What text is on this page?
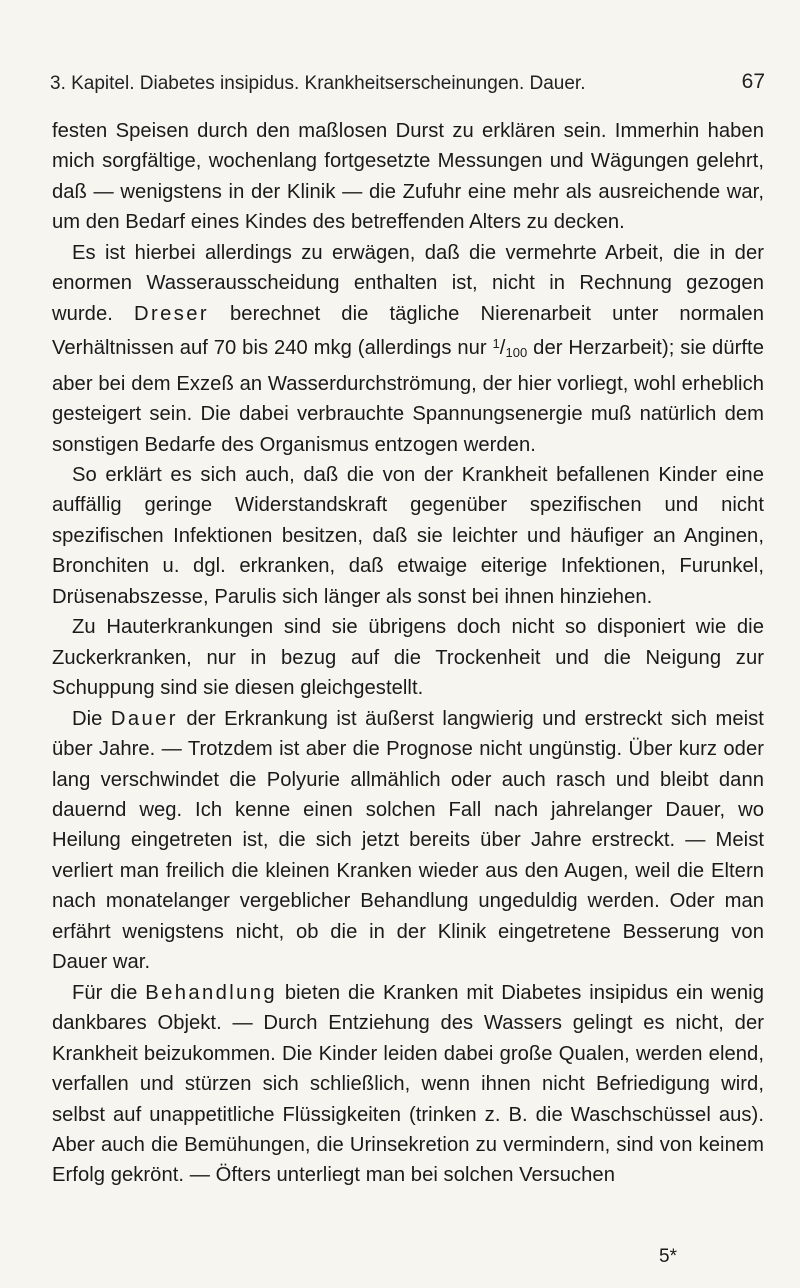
3. Kapitel. Diabetes insipidus. Krankheitserscheinungen. Dauer.	67

festen Speisen durch den maßlosen Durst zu erklären sein. Immerhin haben mich sorgfältige, wochenlang fortgesetzte Messungen und Wägungen gelehrt, daß — wenigstens in der Klinik — die Zufuhr eine mehr als ausreichende war, um den Bedarf eines Kindes des betreffenden Alters zu decken.

Es ist hierbei allerdings zu erwägen, daß die vermehrte Arbeit, die in der enormen Wasserausscheidung enthalten ist, nicht in Rechnung gezogen wurde. Dreser berechnet die tägliche Nierenarbeit unter normalen Verhältnissen auf 70 bis 240 mkg (allerdings nur $^1/_{100}$ der Herzarbeit); sie dürfte aber bei dem Exzeß an Wasserdurchströmung, der hier vorliegt, wohl erheblich gesteigert sein. Die dabei verbrauchte Spannungsenergie muß natürlich dem sonstigen Bedarfe des Organismus entzogen werden.

So erklärt es sich auch, daß die von der Krankheit befallenen Kinder eine auffällig geringe Widerstandskraft gegenüber spezifischen und nicht spezifischen Infektionen besitzen, daß sie leichter und häufiger an Anginen, Bronchiten u. dgl. erkranken, daß etwaige eiterige Infektionen, Furunkel, Drüsenabszesse, Parulis sich länger als sonst bei ihnen hinziehen.

Zu Hauterkrankungen sind sie übrigens doch nicht so disponiert wie die Zuckerkranken, nur in bezug auf die Trockenheit und die Neigung zur Schuppung sind sie diesen gleichgestellt.

Die Dauer der Erkrankung ist äußerst langwierig und erstreckt sich meist über Jahre. — Trotzdem ist aber die Prognose nicht ungünstig. Über kurz oder lang verschwindet die Polyurie allmählich oder auch rasch und bleibt dann dauernd weg. Ich kenne einen solchen Fall nach jahrelanger Dauer, wo Heilung eingetreten ist, die sich jetzt bereits über Jahre erstreckt. — Meist verliert man freilich die kleinen Kranken wieder aus den Augen, weil die Eltern nach monatelanger vergeblicher Behandlung ungeduldig werden. Oder man erfährt wenigstens nicht, ob die in der Klinik eingetretene Besserung von Dauer war.

Für die Behandlung bieten die Kranken mit Diabetes insipidus ein wenig dankbares Objekt. — Durch Entziehung des Wassers gelingt es nicht, der Krankheit beizukommen. Die Kinder leiden dabei große Qualen, werden elend, verfallen und stürzen sich schließlich, wenn ihnen nicht Befriedigung wird, selbst auf unappetitliche Flüssigkeiten (trinken z. B. die Waschschüssel aus). Aber auch die Bemühungen, die Urinsekretion zu vermindern, sind von keinem Erfolg gekrönt. — Öfters unterliegt man bei solchen Versuchen

5*
